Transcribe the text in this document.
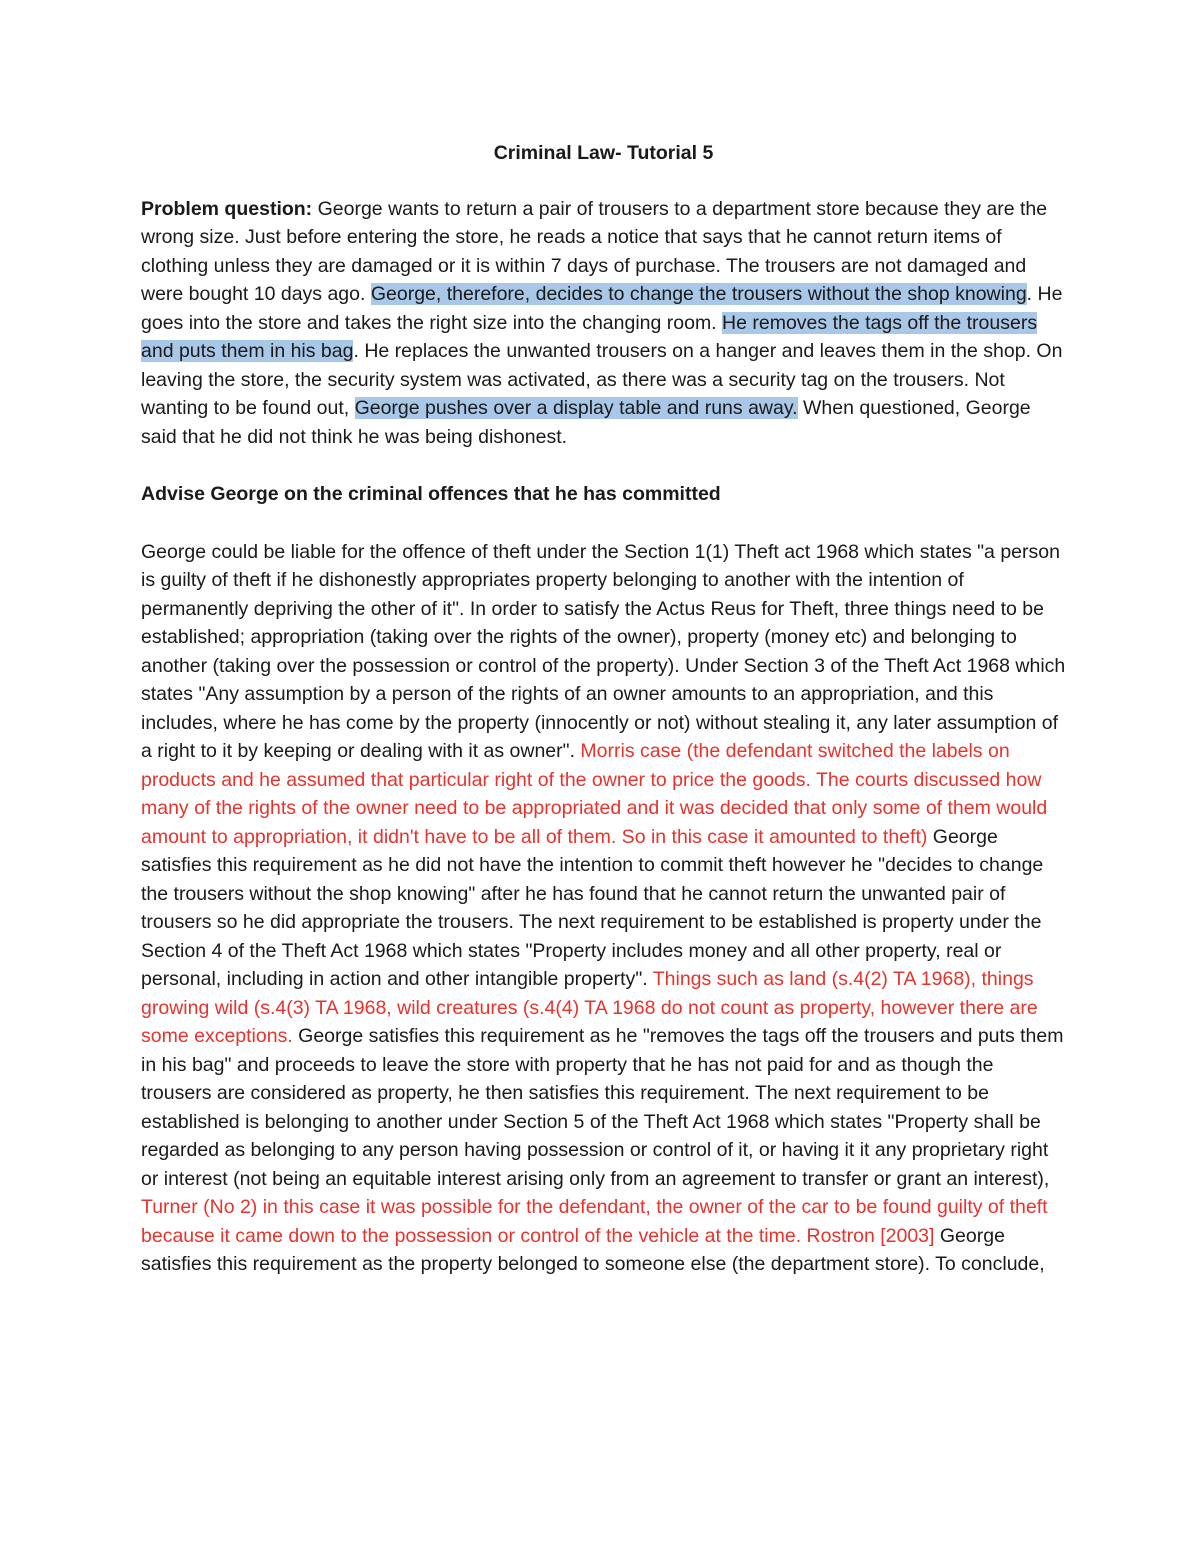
Criminal Law- Tutorial 5

Problem question: George wants to return a pair of trousers to a department store because they are the wrong size. Just before entering the store, he reads a notice that says that he cannot return items of clothing unless they are damaged or it is within 7 days of purchase. The trousers are not damaged and were bought 10 days ago. George, therefore, decides to change the trousers without the shop knowing. He goes into the store and takes the right size into the changing room. He removes the tags off the trousers and puts them in his bag. He replaces the unwanted trousers on a hanger and leaves them in the shop. On leaving the store, the security system was activated, as there was a security tag on the trousers. Not wanting to be found out, George pushes over a display table and runs away. When questioned, George said that he did not think he was being dishonest.

Advise George on the criminal offences that he has committed

George could be liable for the offence of theft under the Section 1(1) Theft act 1968 which states "a person is guilty of theft if he dishonestly appropriates property belonging to another with the intention of permanently depriving the other of it". In order to satisfy the Actus Reus for Theft, three things need to be established; appropriation (taking over the rights of the owner), property (money etc) and belonging to another (taking over the possession or control of the property). Under Section 3 of the Theft Act 1968 which states "Any assumption by a person of the rights of an owner amounts to an appropriation, and this includes, where he has come by the property (innocently or not) without stealing it, any later assumption of a right to it by keeping or dealing with it as owner". Morris case (the defendant switched the labels on products and he assumed that particular right of the owner to price the goods. The courts discussed how many of the rights of the owner need to be appropriated and it was decided that only some of them would amount to appropriation, it didn't have to be all of them. So in this case it amounted to theft) George satisfies this requirement as he did not have the intention to commit theft however he "decides to change the trousers without the shop knowing" after he has found that he cannot return the unwanted pair of trousers so he did appropriate the trousers. The next requirement to be established is property under the Section 4 of the Theft Act 1968 which states "Property includes money and all other property, real or personal, including in action and other intangible property". Things such as land (s.4(2) TA 1968), things growing wild (s.4(3) TA 1968, wild creatures (s.4(4) TA 1968 do not count as property, however there are some exceptions. George satisfies this requirement as he "removes the tags off the trousers and puts them in his bag" and proceeds to leave the store with property that he has not paid for and as though the trousers are considered as property, he then satisfies this requirement. The next requirement to be established is belonging to another under Section 5 of the Theft Act 1968 which states "Property shall be regarded as belonging to any person having possession or control of it, or having it it any proprietary right or interest (not being an equitable interest arising only from an agreement to transfer or grant an interest), Turner (No 2) in this case it was possible for the defendant, the owner of the car to be found guilty of theft because it came down to the possession or control of the vehicle at the time. Rostron [2003] George satisfies this requirement as the property belonged to someone else (the department store). To conclude,
